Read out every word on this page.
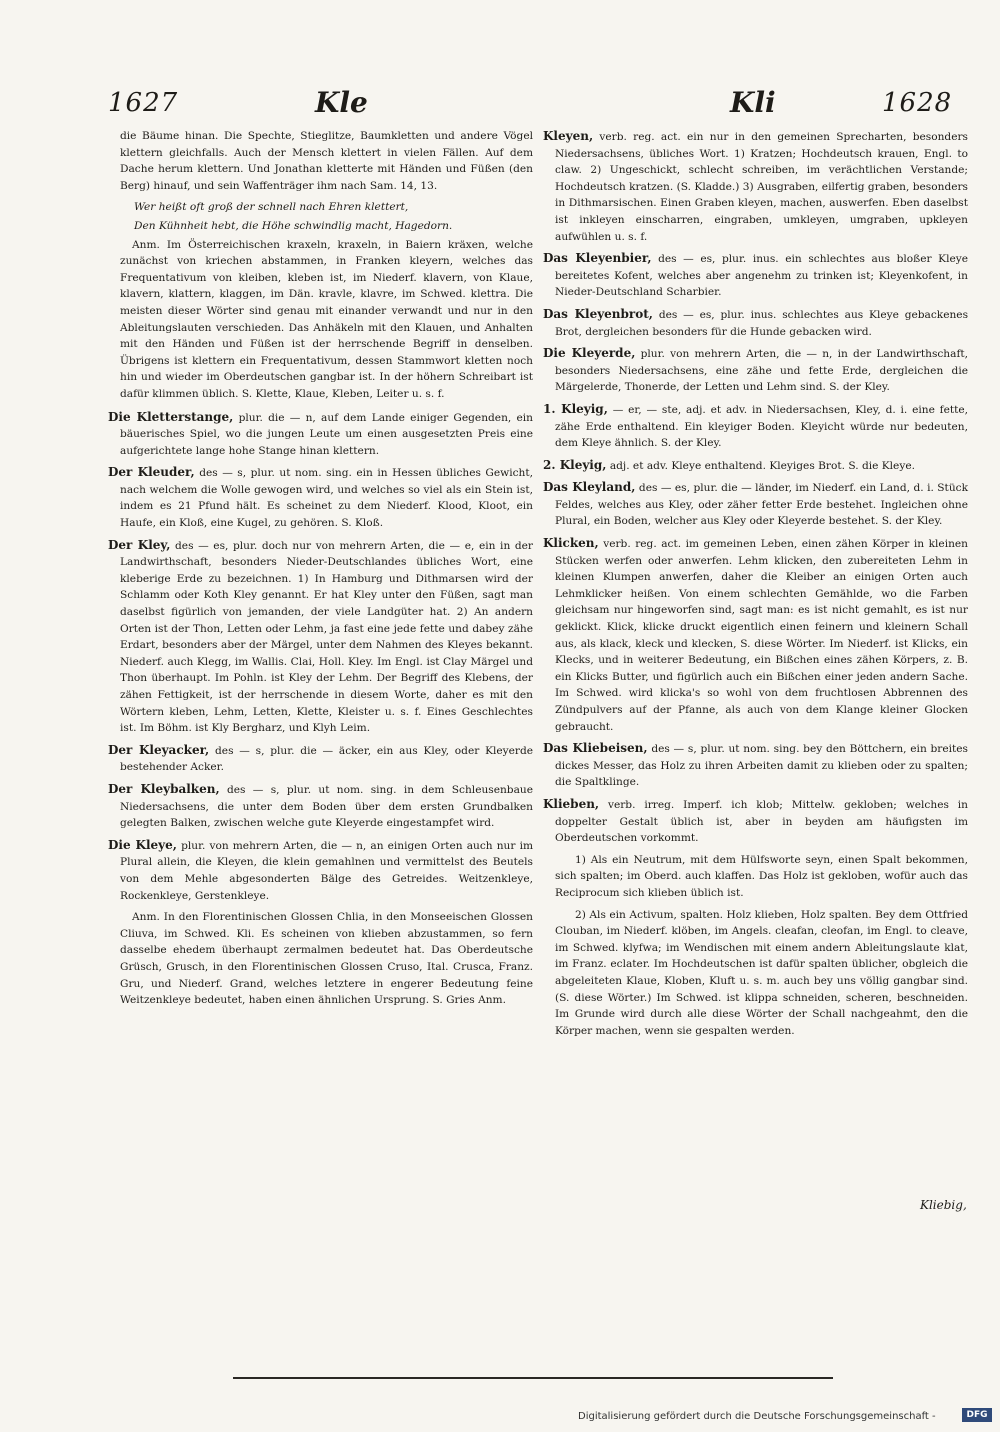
1627	Kle	Kli	1628

die Bäume hinan. Die Spechte, Stieglitze, Baumkletten und andere Vögel klettern gleichfalls. Auch der Mensch klettert in vielen Fällen. Auf dem Dache herum klettern. Und Jonathan kletterte mit Händen und Füßen (den Berg) hinauf, und sein Waffenträger ihm nach Sam. 14, 13.

Wer heißt oft groß der schnell nach Ehren klettert,

Den Kühnheit hebt, die Höhe schwindlig macht, Hagedorn.

Anm. Im Österreichischen kraxeln, kraxeln, in Baiern kräxen, welche zunächst von kriechen abstammen, in Franken kleyern, welches das Frequentativum von kleiben, kleben ist, im Niederf. klavern, von Klaue, klavern, klattern, klaggen, im Dän. kravle, klavre, im Schwed. klettra. Die meisten dieser Wörter sind genau mit einander verwandt und nur in den Ableitungslauten verschieden. Das Anhäkeln mit den Klauen, und Anhalten mit den Händen und Füßen ist der herrschende Begriff in denselben. Übrigens ist klettern ein Frequentativum, dessen Stammwort kletten noch hin und wieder im Oberdeutschen gangbar ist. In der höhern Schreibart ist dafür klimmen üblich. S. Klette, Klaue, Kleben, Leiter u. s. f.

Die Kletterstange, plur. die — n, auf dem Lande einiger Gegenden, ein bäuerisches Spiel, wo die jungen Leute um einen ausgesetzten Preis eine aufgerichtete lange hohe Stange hinan klettern.

Der Kleuder, des — s, plur. ut nom. sing. ein in Hessen übliches Gewicht, nach welchem die Wolle gewogen wird, und welches so viel als ein Stein ist, indem es 21 Pfund hält. Es scheinet zu dem Niederf. Klood, Kloot, ein Haufe, ein Kloß, eine Kugel, zu gehören. S. Kloß.

Der Kley, des — es, plur. doch nur von mehrern Arten, die — e, ein in der Landwirthschaft, besonders Nieder-Deutschlandes übliches Wort, eine kleberige Erde zu bezeichnen. 1) In Hamburg und Dithmarsen wird der Schlamm oder Koth Kley genannt. Er hat Kley unter den Füßen, sagt man daselbst figürlich von jemanden, der viele Landgüter hat. 2) An andern Orten ist der Thon, Letten oder Lehm, ja fast eine jede fette und dabey zähe Erdart, besonders aber der Märgel, unter dem Nahmen des Kleyes bekannt. Niederf. auch Klegg, im Wallis. Clai, Holl. Kley. Im Engl. ist Clay Märgel und Thon überhaupt. Im Pohln. ist Kley der Lehm. Der Begriff des Klebens, der zähen Fettigkeit, ist der herrschende in diesem Worte, daher es mit den Wörtern kleben, Lehm, Letten, Klette, Kleister u. s. f. Eines Geschlechtes ist. Im Böhm. ist Kly Bergharz, und Klyh Leim.

Der Kleyacker, des — s, plur. die — äcker, ein aus Kley, oder Kleyerde bestehender Acker.

Der Kleybalken, des — s, plur. ut nom. sing. in dem Schleusenbaue Niedersachsens, die unter dem Boden über dem ersten Grundbalken gelegten Balken, zwischen welche gute Kleyerde eingestampfet wird.

Die Kleye, plur. von mehrern Arten, die — n, an einigen Orten auch nur im Plural allein, die Kleyen, die klein gemahlnen und vermittelst des Beutels von dem Mehle abgesonderten Bälge des Getreides. Weitzenkleye, Rockenkleye, Gerstenkleye.

Anm. In den Florentinischen Glossen Chlia, in den Monseeischen Glossen Cliuva, im Schwed. Kli. Es scheinen von klieben abzustammen, so fern dasselbe ehedem überhaupt zermalmen bedeutet hat. Das Oberdeutsche Grüsch, Grusch, in den Florentinischen Glossen Cruso, Ital. Crusca, Franz. Gru, und Niederf. Grand, welches letztere in engerer Bedeutung feine Weitzenkleye bedeutet, haben einen ähnlichen Ursprung. S. Gries Anm.

Kleyen, verb. reg. act. ein nur in den gemeinen Sprecharten, besonders Niedersachsens, übliches Wort. 1) Kratzen; Hochdeutsch krauen, Engl. to claw. 2) Ungeschickt, schlecht schreiben, im verächtlichen Verstande; Hochdeutsch kratzen. (S. Kladde.) 3) Ausgraben, eilfertig graben, besonders in Dithmarsischen. Einen Graben kleyen, machen, auswerfen. Eben daselbst ist inkleyen einscharren, eingraben, umkleyen, umgraben, upkleyen aufwühlen u. s. f.

Das Kleyenbier, des — es, plur. inus. ein schlechtes aus bloßer Kleye bereitetes Kofent, welches aber angenehm zu trinken ist; Kleyenkofent, in Nieder-Deutschland Scharbier.

Das Kleyenbrot, des — es, plur. inus. schlechtes aus Kleye gebackenes Brot, dergleichen besonders für die Hunde gebacken wird.

Die Kleyerde, plur. von mehrern Arten, die — n, in der Landwirthschaft, besonders Niedersachsens, eine zähe und fette Erde, dergleichen die Märgelerde, Thonerde, der Letten und Lehm sind. S. der Kley.

1. Kleyig, — er, — ste, adj. et adv. in Niedersachsen, Kley, d. i. eine fette, zähe Erde enthaltend. Ein kleyiger Boden. Kleyicht würde nur bedeuten, dem Kleye ähnlich. S. der Kley.

2. Kleyig, adj. et adv. Kleye enthaltend. Kleyiges Brot. S. die Kleye.

Das Kleyland, des — es, plur. die — länder, im Niederf. ein Land, d. i. Stück Feldes, welches aus Kley, oder zäher fetter Erde bestehet. Ingleichen ohne Plural, ein Boden, welcher aus Kley oder Kleyerde bestehet. S. der Kley.

Klicken, verb. reg. act. im gemeinen Leben, einen zähen Körper in kleinen Stücken werfen oder anwerfen. Lehm klicken, den zubereiteten Lehm in kleinen Klumpen anwerfen, daher die Kleiber an einigen Orten auch Lehmklicker heißen. Von einem schlechten Gemählde, wo die Farben gleichsam nur hingeworfen sind, sagt man: es ist nicht gemahlt, es ist nur geklickt. Klick, klicke druckt eigentlich einen feinern und kleinern Schall aus, als klack, kleck und klecken, S. diese Wörter. Im Niederf. ist Klicks, ein Klecks, und in weiterer Bedeutung, ein Bißchen eines zähen Körpers, z. B. ein Klicks Butter, und figürlich auch ein Bißchen einer jeden andern Sache. Im Schwed. wird klicka's so wohl von dem fruchtlosen Abbrennen des Zündpulvers auf der Pfanne, als auch von dem Klange kleiner Glocken gebraucht.

Das Kliebeisen, des — s, plur. ut nom. sing. bey den Böttchern, ein breites dickes Messer, das Holz zu ihren Arbeiten damit zu klieben oder zu spalten; die Spaltklinge.

Klieben, verb. irreg. Imperf. ich klob; Mittelw. gekloben; welches in doppelter Gestalt üblich ist, aber in beyden am häufigsten im Oberdeutschen vorkommt.

1) Als ein Neutrum, mit dem Hülfsworte seyn, einen Spalt bekommen, sich spalten; im Oberd. auch klaffen. Das Holz ist gekloben, wofür auch das Reciprocum sich klieben üblich ist.

2) Als ein Activum, spalten. Holz klieben, Holz spalten. Bey dem Ottfried Clouban, im Niederf. klöben, im Angels. cleafan, cleofan, im Engl. to cleave, im Schwed. klyfwa; im Wendischen mit einem andern Ableitungslaute klat, im Franz. eclater. Im Hochdeutschen ist dafür spalten üblicher, obgleich die abgeleiteten Klaue, Kloben, Kluft u. s. m. auch bey uns völlig gangbar sind. (S. diese Wörter.) Im Schwed. ist klippa schneiden, scheren, beschneiden. Im Grunde wird durch alle diese Wörter der Schall nachgeahmt, den die Körper machen, wenn sie gespalten werden.

Kliebig,
Digitalisierung gefördert durch die Deutsche Forschungsgemeinschaft -	DFG
